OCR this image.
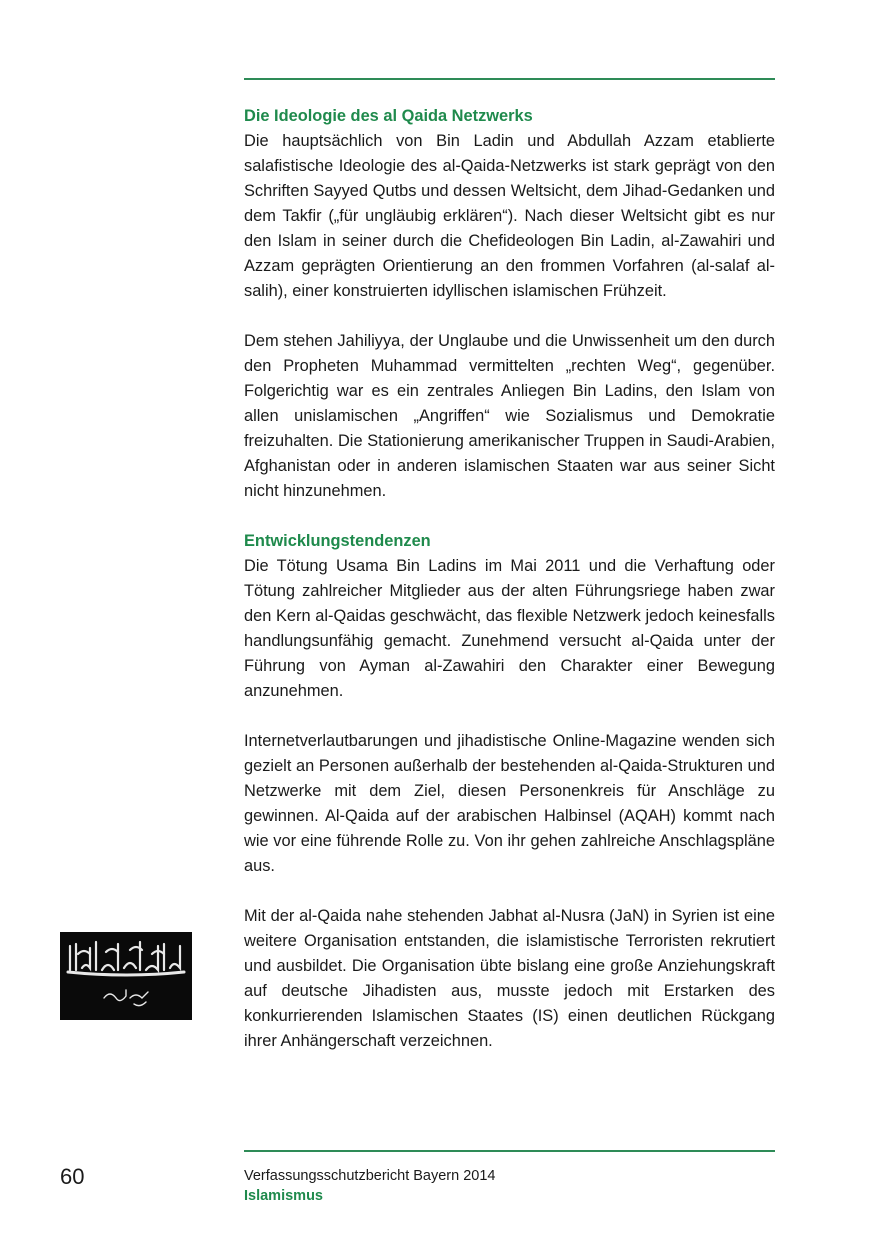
Die Ideologie des al Qaida Netzwerks

Die hauptsächlich von Bin Ladin und Abdullah Azzam etablierte salafistische Ideologie des al-Qaida-Netzwerks ist stark geprägt von den Schriften Sayyed Qutbs und dessen Weltsicht, dem Jihad-Gedanken und dem Takfir („für ungläubig erklären“). Nach dieser Weltsicht gibt es nur den Islam in seiner durch die Chefideologen Bin Ladin, al-Zawahiri und Azzam geprägten Orientierung an den frommen Vorfahren (al-salaf al-salih), einer konstruierten idyllischen islamischen Frühzeit.

Dem stehen Jahiliyya, der Unglaube und die Unwissenheit um den durch den Propheten Muhammad vermittelten „rechten Weg“, gegenüber. Folgerichtig war es ein zentrales Anliegen Bin Ladins, den Islam von allen unislamischen „Angriffen“ wie Sozialismus und Demokratie freizuhalten. Die Stationierung amerikanischer Truppen in Saudi-Arabien, Afghanistan oder in anderen islamischen Staaten war aus seiner Sicht nicht hinzunehmen.

Entwicklungstendenzen

Die Tötung Usama Bin Ladins im Mai 2011 und die Verhaftung oder Tötung zahlreicher Mitglieder aus der alten Führungsriege haben zwar den Kern al-Qaidas geschwächt, das flexible Netzwerk jedoch keinesfalls handlungsunfähig gemacht. Zunehmend versucht al-Qaida unter der Führung von Ayman al-Zawahiri den Charakter einer Bewegung anzunehmen.

Internetverlautbarungen und jihadistische Online-Magazine wenden sich gezielt an Personen außerhalb der bestehenden al-Qaida-Strukturen und Netzwerke mit dem Ziel, diesen Personenkreis für Anschläge zu gewinnen. Al-Qaida auf der arabischen Halbinsel (AQAH) kommt nach wie vor eine führende Rolle zu. Von ihr gehen zahlreiche Anschlagspläne aus.

Mit der al-Qaida nahe stehenden Jabhat al-Nusra (JaN) in Syrien ist eine weitere Organisation entstanden, die islamistische Terroristen rekrutiert und ausbildet. Die Organisation übte bislang eine große Anziehungskraft auf deutsche Jihadisten aus, musste jedoch mit Erstarken des konkurrierenden Islamischen Staates (IS) einen deutlichen Rückgang ihrer Anhängerschaft verzeichnen.

60	Verfassungsschutzbericht Bayern 2014
Islamismus
